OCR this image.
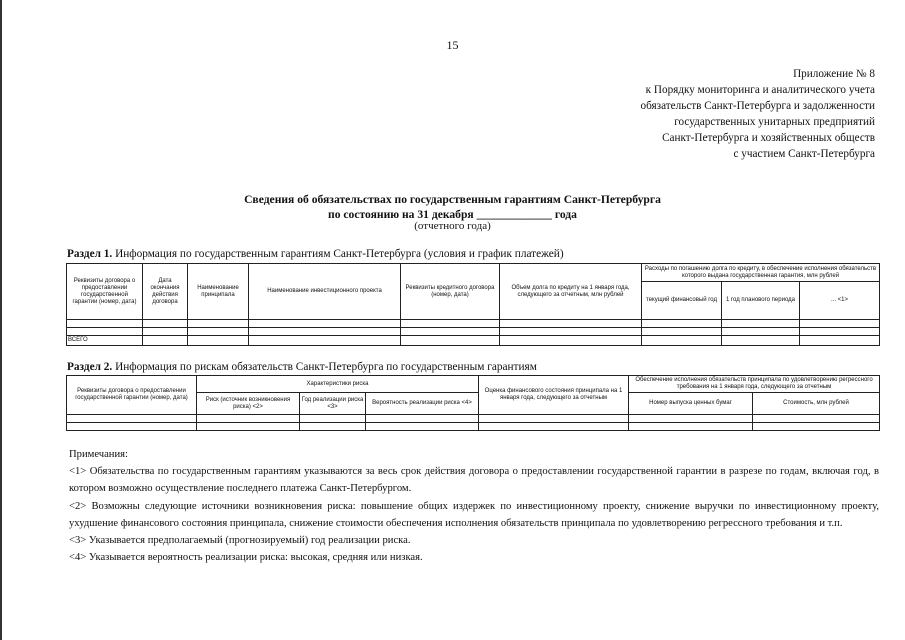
15
Приложение № 8
к Порядку мониторинга и аналитического учета
обязательств Санкт-Петербурга и задолженности
государственных унитарных предприятий
Санкт-Петербурга и хозяйственных обществ
с участием Санкт-Петербурга
Сведения об обязательствах по государственным гарантиям Санкт-Петербурга
по состоянию на 31 декабря _____________ года
(отчетного года)
Раздел 1. Информация по государственным гарантиям Санкт-Петербурга (условия и график платежей)
Реквизиты договора о предоставлении государственной гарантии (номер, дата)	Дата окончания действия договора	Наименование принципала	Наименование инвестиционного проекта	Реквизиты кредитного договора (номер, дата)	Объем долга по кредиту на 1 января года, следующего за отчетным, млн рублей	Расходы по погашению долга по кредиту, в обеспечение исполнения обязательств которого выдана государственная гарантия, млн рублей		
						текущий финансовый год	1 год планового периода	... <1>

ВСЕГО								
Раздел 2. Информация по рискам обязательств Санкт-Петербурга по государственным гарантиям
Реквизиты договора о предоставлении государственной гарантии (номер, дата)	Характеристики риска			Оценка финансового состояния принципала на 1 января года, следующего за отчетным	Обеспечение исполнения обязательств принципала по удовлетворению регрессного требования на 1 января года, следующего за отчетным	
	Риск (источник возникновения риска) <2>	Год реализации риска <3>	Вероятность реализации риска <4>		Номер выпуска ценных бумаг	Стоимость, млн рублей

Примечания:

<1> Обязательства по государственным гарантиям указываются за весь срок действия договора о предоставлении государственной гарантии в разрезе по годам, включая год, в котором возможно осуществление последнего платежа Санкт-Петербургом.

<2> Возможны следующие источники возникновения риска: повышение общих издержек по инвестиционному проекту, снижение выручки по инвестиционному проекту, ухудшение финансового состояния принципала, снижение стоимости обеспечения исполнения обязательств принципала по удовлетворению регрессного требования и т.п.

<3> Указывается предполагаемый (прогнозируемый) год реализации риска.

<4> Указывается вероятность реализации риска: высокая, средняя или низкая.
